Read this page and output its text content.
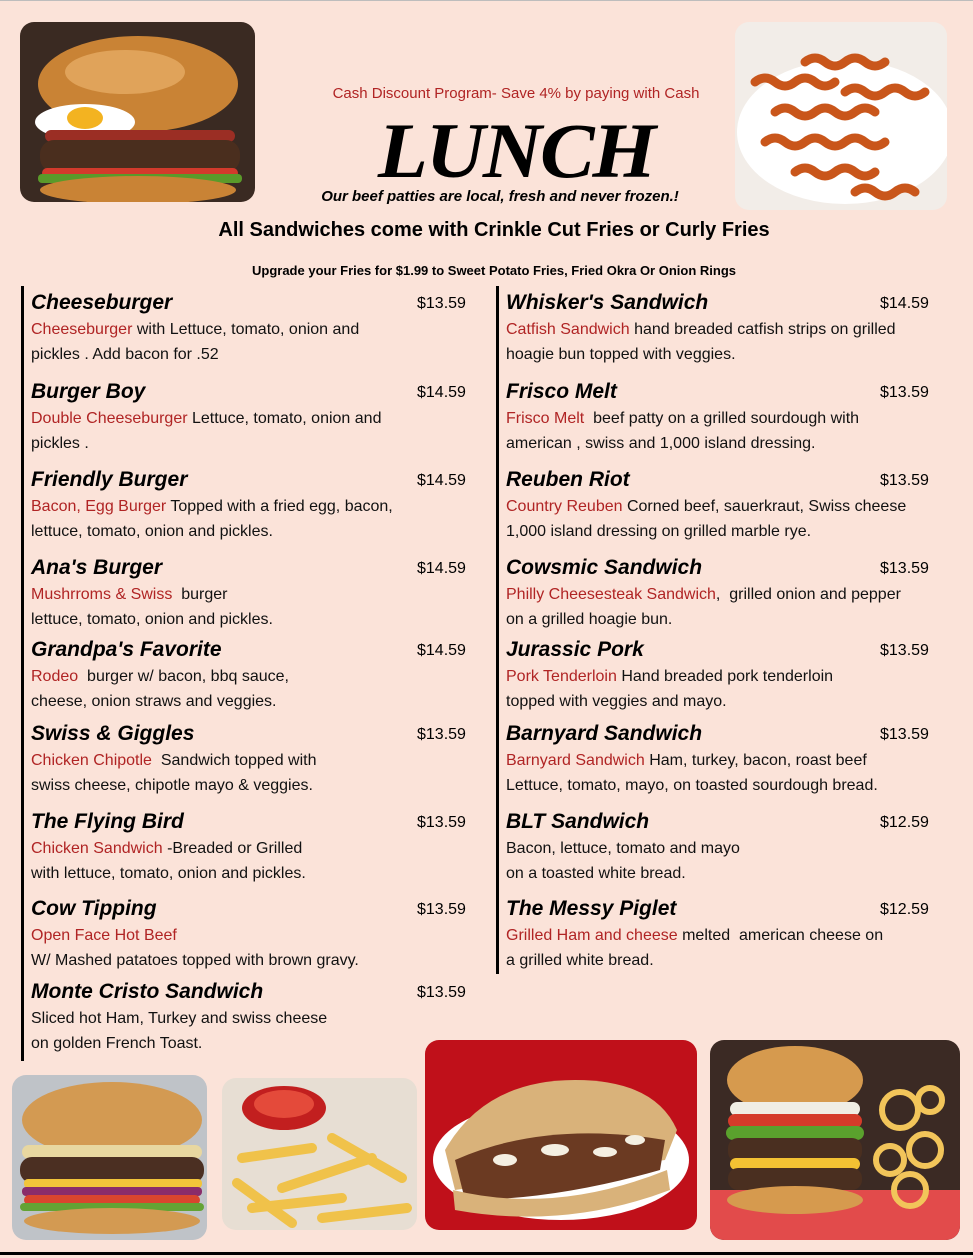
Cash Discount Program- Save 4% by paying with Cash
LUNCH
Our beef patties are local, fresh and never frozen.!
All Sandwiches come with Crinkle Cut Fries or Curly Fries
Upgrade your Fries for $1.99 to Sweet Potato Fries, Fried Okra Or Onion Rings
Cheeseburger	$13.59
Cheeseburger with Lettuce, tomato, onion and
pickles . Add bacon for .52
Burger Boy	$14.59
Double Cheeseburger Lettuce, tomato, onion and
pickles .
Friendly Burger	$14.59
Bacon, Egg Burger Topped with a fried egg, bacon,
lettuce, tomato, onion and pickles.
Ana's Burger	$14.59
Mushrroms & Swiss  burger
lettuce, tomato, onion and pickles.
Grandpa's Favorite	$14.59
Rodeo  burger w/ bacon, bbq sauce,
cheese, onion straws and veggies.
Swiss & Giggles	$13.59
Chicken Chipotle  Sandwich topped with
swiss cheese, chipotle mayo & veggies.
The Flying Bird	$13.59
Chicken Sandwich -Breaded or Grilled
with lettuce, tomato, onion and pickles.
Cow Tipping	$13.59
Open Face Hot Beef
W/ Mashed patatoes topped with brown gravy.
Monte Cristo Sandwich	$13.59
Sliced hot Ham, Turkey and swiss cheese
on golden French Toast.
Whisker's Sandwich	$14.59
Catfish Sandwich hand breaded catfish strips on grilled
hoagie bun topped with veggies.
Frisco Melt	$13.59
Frisco Melt  beef patty on a grilled sourdough with
american , swiss and 1,000 island dressing.
Reuben Riot	$13.59
Country Reuben Corned beef, sauerkraut, Swiss cheese
1,000 island dressing on grilled marble rye.
Cowsmic Sandwich	$13.59
Philly Cheesesteak Sandwich,  grilled onion and pepper
on a grilled hoagie bun.
Jurassic Pork	$13.59
Pork Tenderloin Hand breaded pork tenderloin
topped with veggies and mayo.
Barnyard Sandwich	$13.59
Barnyard Sandwich Ham, turkey, bacon, roast beef
Lettuce, tomato, mayo, on toasted sourdough bread.
BLT Sandwich	$12.59
Bacon, lettuce, tomato and mayo
on a toasted white bread.
The Messy Piglet	$12.59
Grilled Ham and cheese melted  american cheese on
a grilled white bread.
